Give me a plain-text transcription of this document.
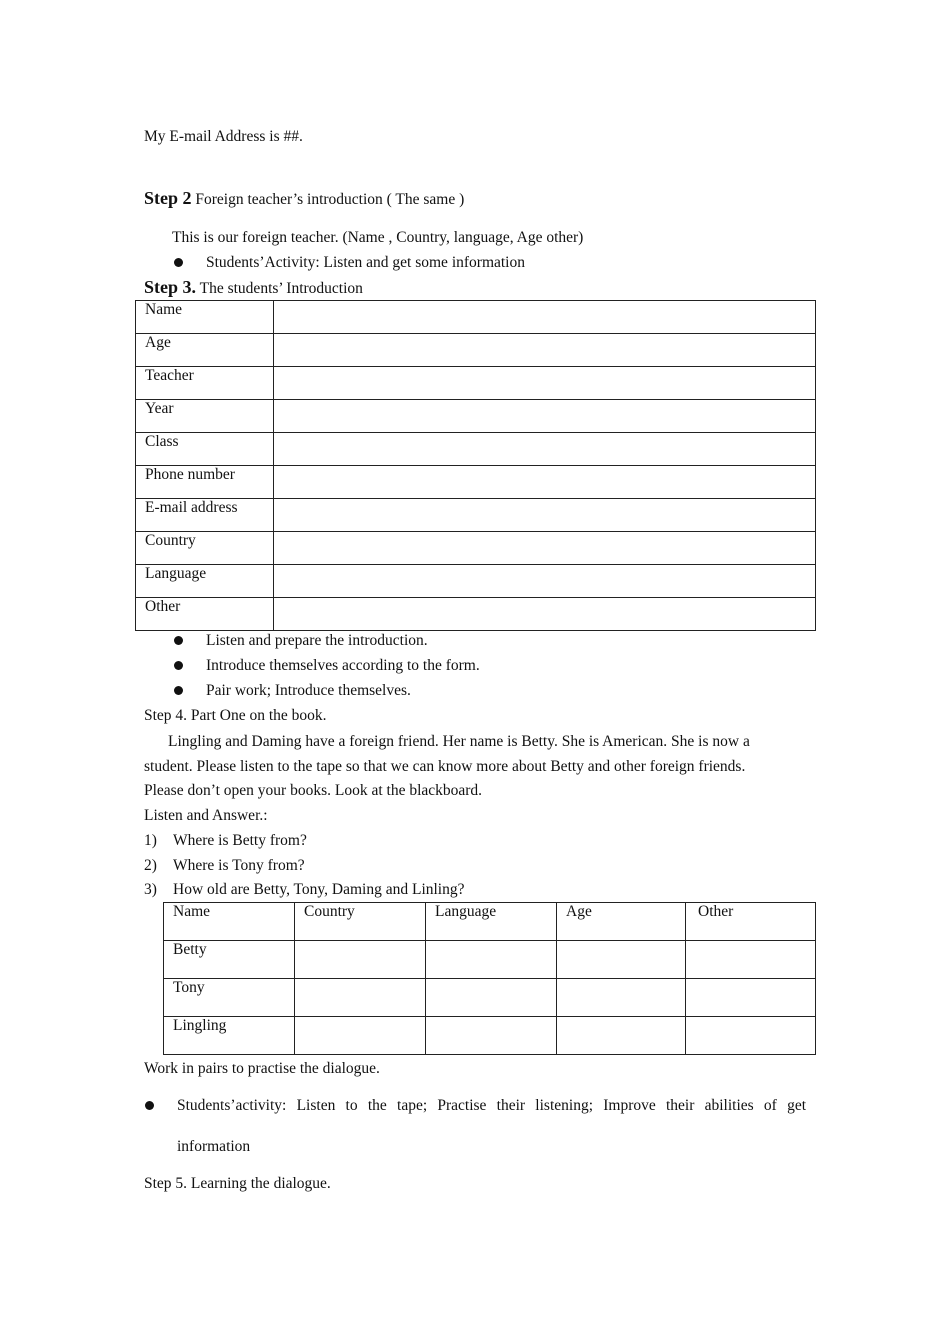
My E-mail Address is ##.
Step 2 Foreign teacher’s introduction ( The same )
This is our foreign teacher. (Name , Country, language, Age other)
Students’Activity: Listen and get some information
Step 3. The students’ Introduction
Name	
Age	
Teacher	
Year	
Class	
Phone number	
E-mail address	
Country	
Language	
Other	
Listen and prepare the introduction.
Introduce themselves according to the form.
Pair work; Introduce themselves.
Step 4. Part One on the book.
Lingling and Daming have a foreign friend. Her name is Betty. She is American. She is now a
student. Please listen to the tape so that we can know more about Betty and other foreign friends.
Please don’t open your books. Look at the blackboard.
Listen and Answer.:
1) Where is Betty from?
2) Where is Tony from?
3) How old are Betty, Tony, Daming and Linling?
Name	Country	Language	Age	Other
Betty				
Tony				
Lingling				
Work in pairs to practise the dialogue.
Students’activity: Listen to the tape; Practise their listening; Improve their abilities of get
information
Step 5. Learning the dialogue.
